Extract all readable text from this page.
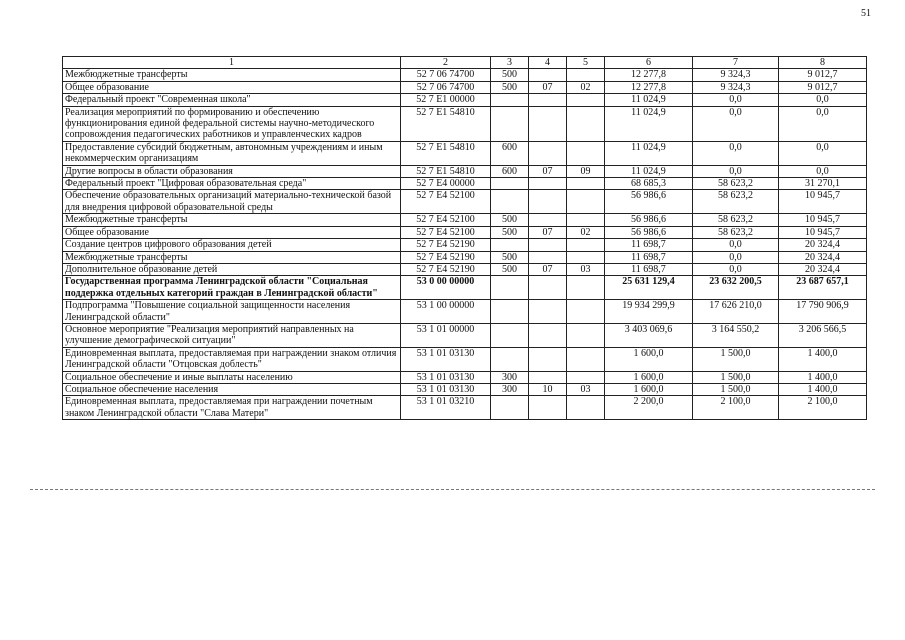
51
1	2	3	4	5	6	7	8
Межбюджетные трансферты	52 7 06 74700	500			12 277,8	9 324,3	9 012,7
Общее образование	52 7 06 74700	500	07	02	12 277,8	9 324,3	9 012,7
Федеральный проект "Современная школа"	52 7 E1 00000				11 024,9	0,0	0,0
Реализация мероприятий по формированию и обеспечению функционирования единой федеральной системы научно-методического сопровождения педагогических работников и управленческих кадров	52 7 E1 54810				11 024,9	0,0	0,0
Предоставление субсидий бюджетным, автономным учреждениям и иным некоммерческим организациям	52 7 E1 54810	600			11 024,9	0,0	0,0
Другие вопросы в области образования	52 7 E1 54810	600	07	09	11 024,9	0,0	0,0
Федеральный проект "Цифровая образовательная среда"	52 7 E4 00000				68 685,3	58 623,2	31 270,1
Обеспечение образовательных организаций материально-технической базой для внедрения цифровой образовательной среды	52 7 E4 52100				56 986,6	58 623,2	10 945,7
Межбюджетные трансферты	52 7 E4 52100	500			56 986,6	58 623,2	10 945,7
Общее образование	52 7 E4 52100	500	07	02	56 986,6	58 623,2	10 945,7
Создание центров цифрового образования детей	52 7 E4 52190				11 698,7	0,0	20 324,4
Межбюджетные трансферты	52 7 E4 52190	500			11 698,7	0,0	20 324,4
Дополнительное образование детей	52 7 E4 52190	500	07	03	11 698,7	0,0	20 324,4
Государственная программа Ленинградской области "Социальная поддержка отдельных категорий граждан в Ленинградской области"	53 0 00 00000				25 631 129,4	23 632 200,5	23 687 657,1
Подпрограмма "Повышение социальной защищенности населения Ленинградской области"	53 1 00 00000				19 934 299,9	17 626 210,0	17 790 906,9
Основное мероприятие "Реализация мероприятий направленных на улучшение демографической ситуации"	53 1 01 00000				3 403 069,6	3 164 550,2	3 206 566,5
Единовременная выплата, предоставляемая при награждении знаком отличия Ленинградской области "Отцовская доблесть"	53 1 01 03130				1 600,0	1 500,0	1 400,0
Социальное обеспечение и иные выплаты населению	53 1 01 03130	300			1 600,0	1 500,0	1 400,0
Социальное обеспечение населения	53 1 01 03130	300	10	03	1 600,0	1 500,0	1 400,0
Единовременная выплата, предоставляемая при награждении почетным знаком Ленинградской области "Слава Матери"	53 1 01 03210				2 200,0	2 100,0	2 100,0
